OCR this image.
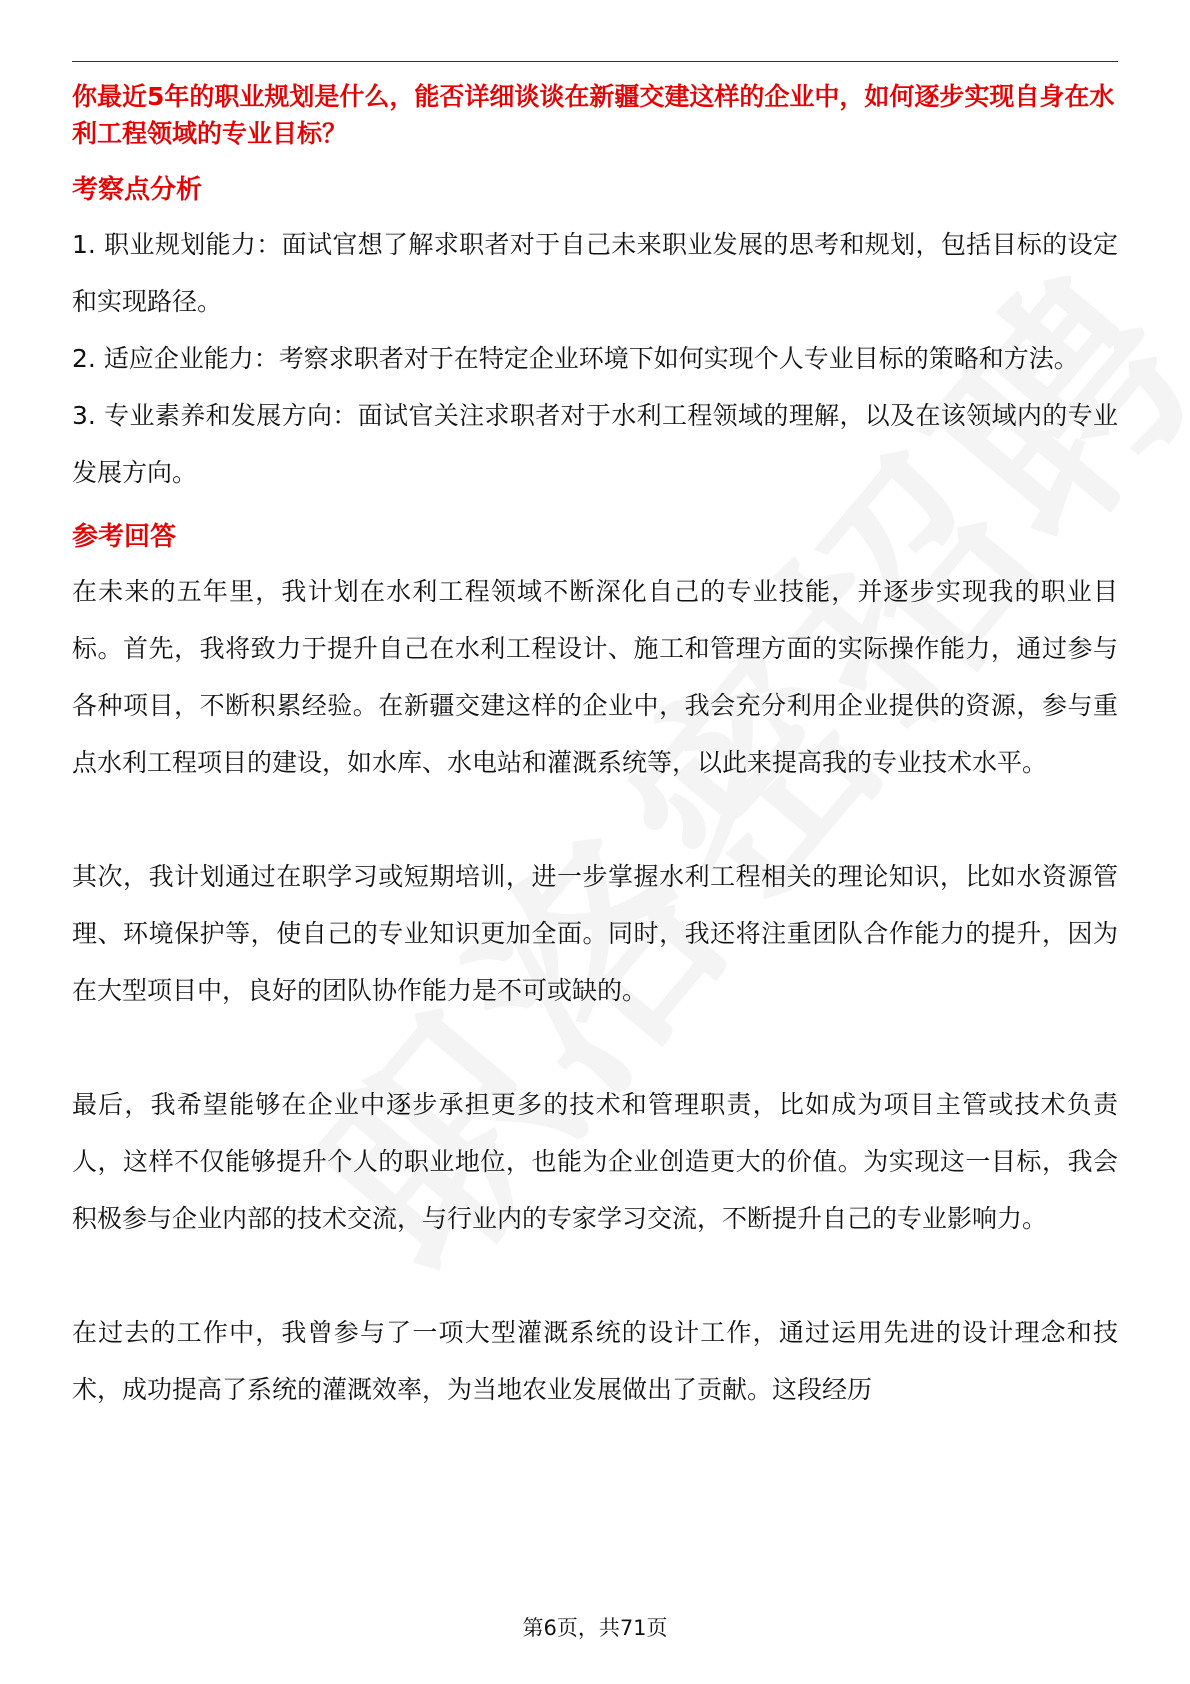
你最近5年的职业规划是什么，能否详细谈谈在新疆交建这样的企业中，如何逐步实现自身在水利工程领域的专业目标？
考察点分析
1. 职业规划能力：面试官想了解求职者对于自己未来职业发展的思考和规划，包括目标的设定和实现路径。
2. 适应企业能力：考察求职者对于在特定企业环境下如何实现个人专业目标的策略和方法。
3. 专业素养和发展方向：面试官关注求职者对于水利工程领域的理解，以及在该领域内的专业发展方向。
参考回答

在未来的五年里，我计划在水利工程领域不断深化自己的专业技能，并逐步实现我的职业目标。首先，我将致力于提升自己在水利工程设计、施工和管理方面的实际操作能力，通过参与各种项目，不断积累经验。在新疆交建这样的企业中，我会充分利用企业提供的资源，参与重点水利工程项目的建设，如水库、水电站和灌溉系统等，以此来提高我的专业技术水平。

其次，我计划通过在职学习或短期培训，进一步掌握水利工程相关的理论知识，比如水资源管理、环境保护等，使自己的专业知识更加全面。同时，我还将注重团队合作能力的提升，因为在大型项目中，良好的团队协作能力是不可或缺的。

最后，我希望能够在企业中逐步承担更多的技术和管理职责，比如成为项目主管或技术负责人，这样不仅能够提升个人的职业地位，也能为企业创造更大的价值。为实现这一目标，我会积极参与企业内部的技术交流，与行业内的专家学习交流，不断提升自己的专业影响力。

在过去的工作中，我曾参与了一项大型灌溉系统的设计工作，通过运用先进的设计理念和技术，成功提高了系统的灌溉效率，为当地农业发展做出了贡献。这段经历

第6页，共71页
